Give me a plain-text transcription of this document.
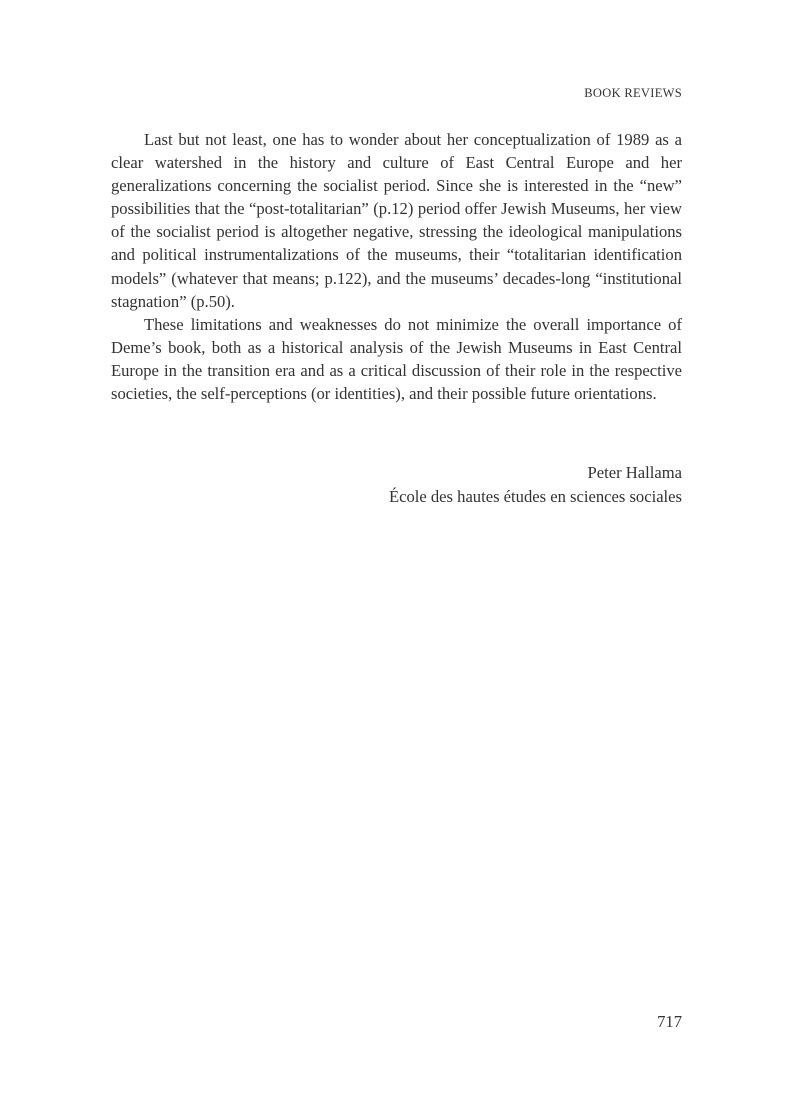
BOOK REVIEWS

Last but not least, one has to wonder about her conceptualization of 1989 as a clear watershed in the history and culture of East Central Europe and her generalizations concerning the socialist period. Since she is interested in the “new” possibilities that the “post-totalitarian” (p.12) period offer Jewish Museums, her view of the socialist period is altogether negative, stressing the ideological manipulations and political instrumentalizations of the museums, their “totalitarian identification models” (whatever that means; p.122), and the museums’ decades-long “institutional stagnation” (p.50).

These limitations and weaknesses do not minimize the overall importance of Deme’s book, both as a historical analysis of the Jewish Museums in East Central Europe in the transition era and as a critical discussion of their role in the respective societies, the self-perceptions (or identities), and their possible future orientations.

Peter Hallama
École des hautes études en sciences sociales
717
